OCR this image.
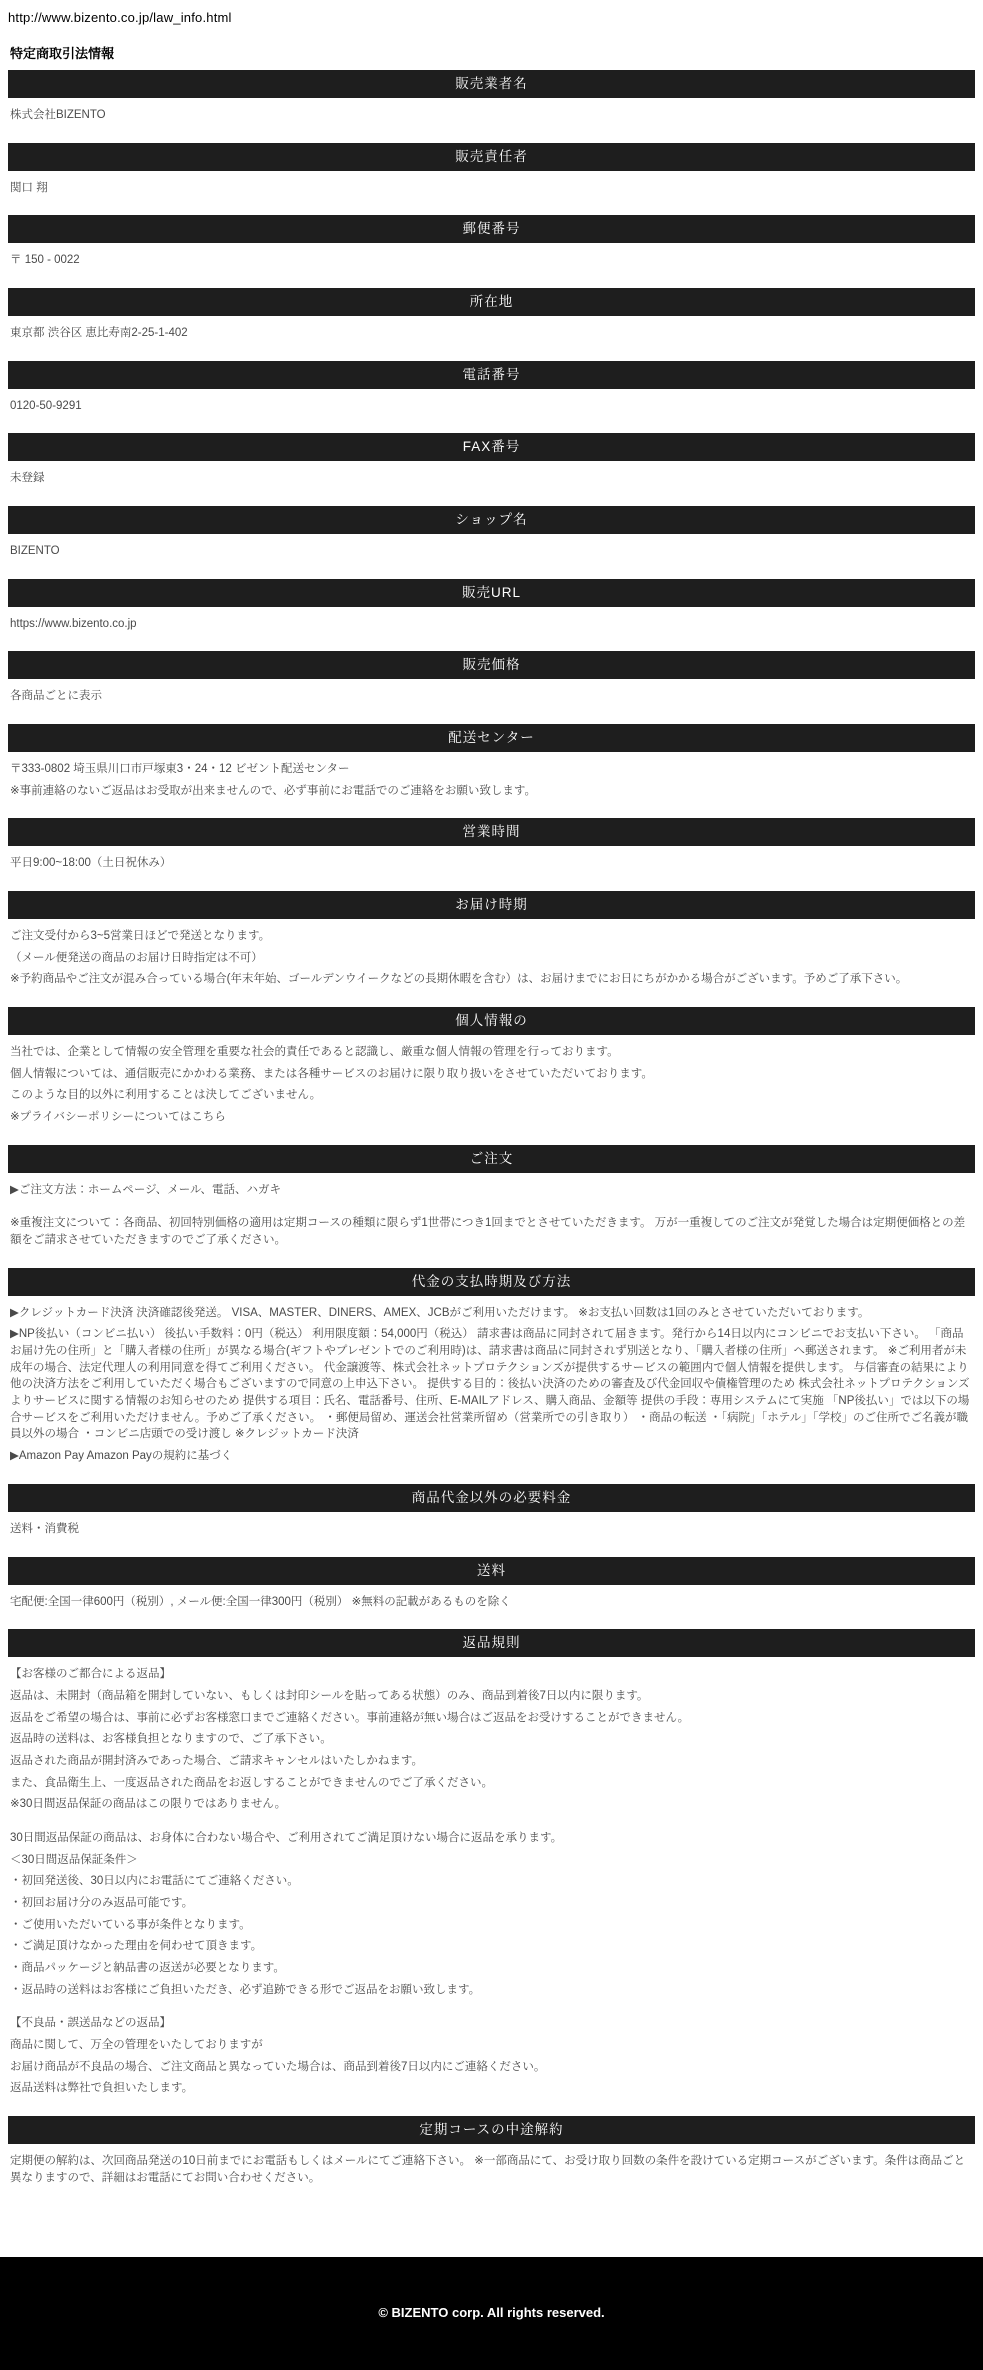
http://www.bizento.co.jp/law_info.html
特定商取引法情報
販売業者名

株式会社BIZENTO

販売責任者

関口 翔

郵便番号

〒 150 - 0022

所在地

東京都 渋谷区 恵比寿南2-25-1-402

電話番号

0120-50-9291

FAX番号

未登録

ショップ名

BIZENTO

販売URL

https://www.bizento.co.jp

販売価格

各商品ごとに表示

配送センター

〒333-0802 埼玉県川口市戸塚東3・24・12 ビゼント配送センター

※事前連絡のないご返品はお受取が出来ませんので、必ず事前にお電話でのご連絡をお願い致します。

営業時間

平日9:00~18:00（土日祝休み）

お届け時期

ご注文受付から3~5営業日ほどで発送となります。

（メール便発送の商品のお届け日時指定は不可）

※予約商品やご注文が混み合っている場合(年末年始、ゴールデンウイークなどの長期休暇を含む）は、お届けまでにお日にちがかかる場合がございます。予めご了承下さい。

個人情報の

当社では、企業として情報の安全管理を重要な社会的責任であると認識し、厳重な個人情報の管理を行っております。

個人情報については、通信販売にかかわる業務、または各種サービスのお届けに限り取り扱いをさせていただいております。

このような目的以外に利用することは決してございません。

※プライバシーポリシーについてはこちら

ご注文

▶ご注文方法：ホームページ、メール、電話、ハガキ

※重複注文について：各商品、初回特別価格の適用は定期コースの種類に限らず1世帯につき1回までとさせていただきます。 万が一重複してのご注文が発覚した場合は定期便価格との差額をご請求させていただきますのでご了承ください。

代金の支払時期及び方法

▶クレジットカード決済 決済確認後発送。 VISA、MASTER、DINERS、AMEX、JCBがご利用いただけます。 ※お支払い回数は1回のみとさせていただいております。

▶NP後払い（コンビニ払い） 後払い手数料：0円（税込） 利用限度額：54,000円（税込） 請求書は商品に同封されて届きます。発行から14日以内にコンビニでお支払い下さい。 「商品お届け先の住所」と「購入者様の住所」が異なる場合(ギフトやプレゼントでのご利用時)は、請求書は商品に同封されず別送となり、「購入者様の住所」へ郵送されます。 ※ご利用者が未成年の場合、法定代理人の利用同意を得てご利用ください。 代金譲渡等、株式会社ネットプロテクションズが提供するサービスの範囲内で個人情報を提供します。 与信審査の結果により他の決済方法をご利用していただく場合もございますので同意の上申込下さい。 提供する目的：後払い決済のための審査及び代金回収や債権管理のため 株式会社ネットプロテクションズよりサービスに関する情報のお知らせのため 提供する項目：氏名、電話番号、住所、E-MAILアドレス、購入商品、金額等 提供の手段：専用システムにて実施 「NP後払い」では以下の場合サービスをご利用いただけません。予めご了承ください。 ・郵便局留め、運送会社営業所留め（営業所での引き取り） ・商品の転送 ・「病院」「ホテル」「学校」のご住所でご名義が職員以外の場合 ・コンビニ店頭での受け渡し ※クレジットカード決済

▶Amazon Pay Amazon Payの規約に基づく

商品代金以外の必要料金

送料・消費税

送料

宅配便:全国一律600円（税別）, メール便:全国一律300円（税別） ※無料の記載があるものを除く

返品規則

【お客様のご都合による返品】

返品は、未開封（商品箱を開封していない、もしくは封印シールを貼ってある状態）のみ、商品到着後7日以内に限ります。

返品をご希望の場合は、事前に必ずお客様窓口までご連絡ください。事前連絡が無い場合はご返品をお受けすることができません。

返品時の送料は、お客様負担となりますので、ご了承下さい。

返品された商品が開封済みであった場合、ご請求キャンセルはいたしかねます。

また、食品衛生上、一度返品された商品をお返しすることができませんのでご了承ください。

※30日間返品保証の商品はこの限りではありません。

30日間返品保証の商品は、お身体に合わない場合や、ご利用されてご満足頂けない場合に返品を承ります。

＜30日間返品保証条件＞

・初回発送後、30日以内にお電話にてご連絡ください。

・初回お届け分のみ返品可能です。

・ご使用いただいている事が条件となります。

・ご満足頂けなかった理由を伺わせて頂きます。

・商品パッケージと納品書の返送が必要となります。

・返品時の送料はお客様にご負担いただき、必ず追跡できる形でご返品をお願い致します。

【不良品・誤送品などの返品】

商品に関して、万全の管理をいたしておりますが

お届け商品が不良品の場合、ご注文商品と異なっていた場合は、商品到着後7日以内にご連絡ください。

返品送料は弊社で負担いたします。

定期コースの中途解約

定期便の解約は、次回商品発送の10日前までにお電話もしくはメールにてご連絡下さい。 ※一部商品にて、お受け取り回数の条件を設けている定期コースがございます。条件は商品ごと異なりますので、詳細はお電話にてお問い合わせください。

© BIZENTO corp. All rights reserved.
